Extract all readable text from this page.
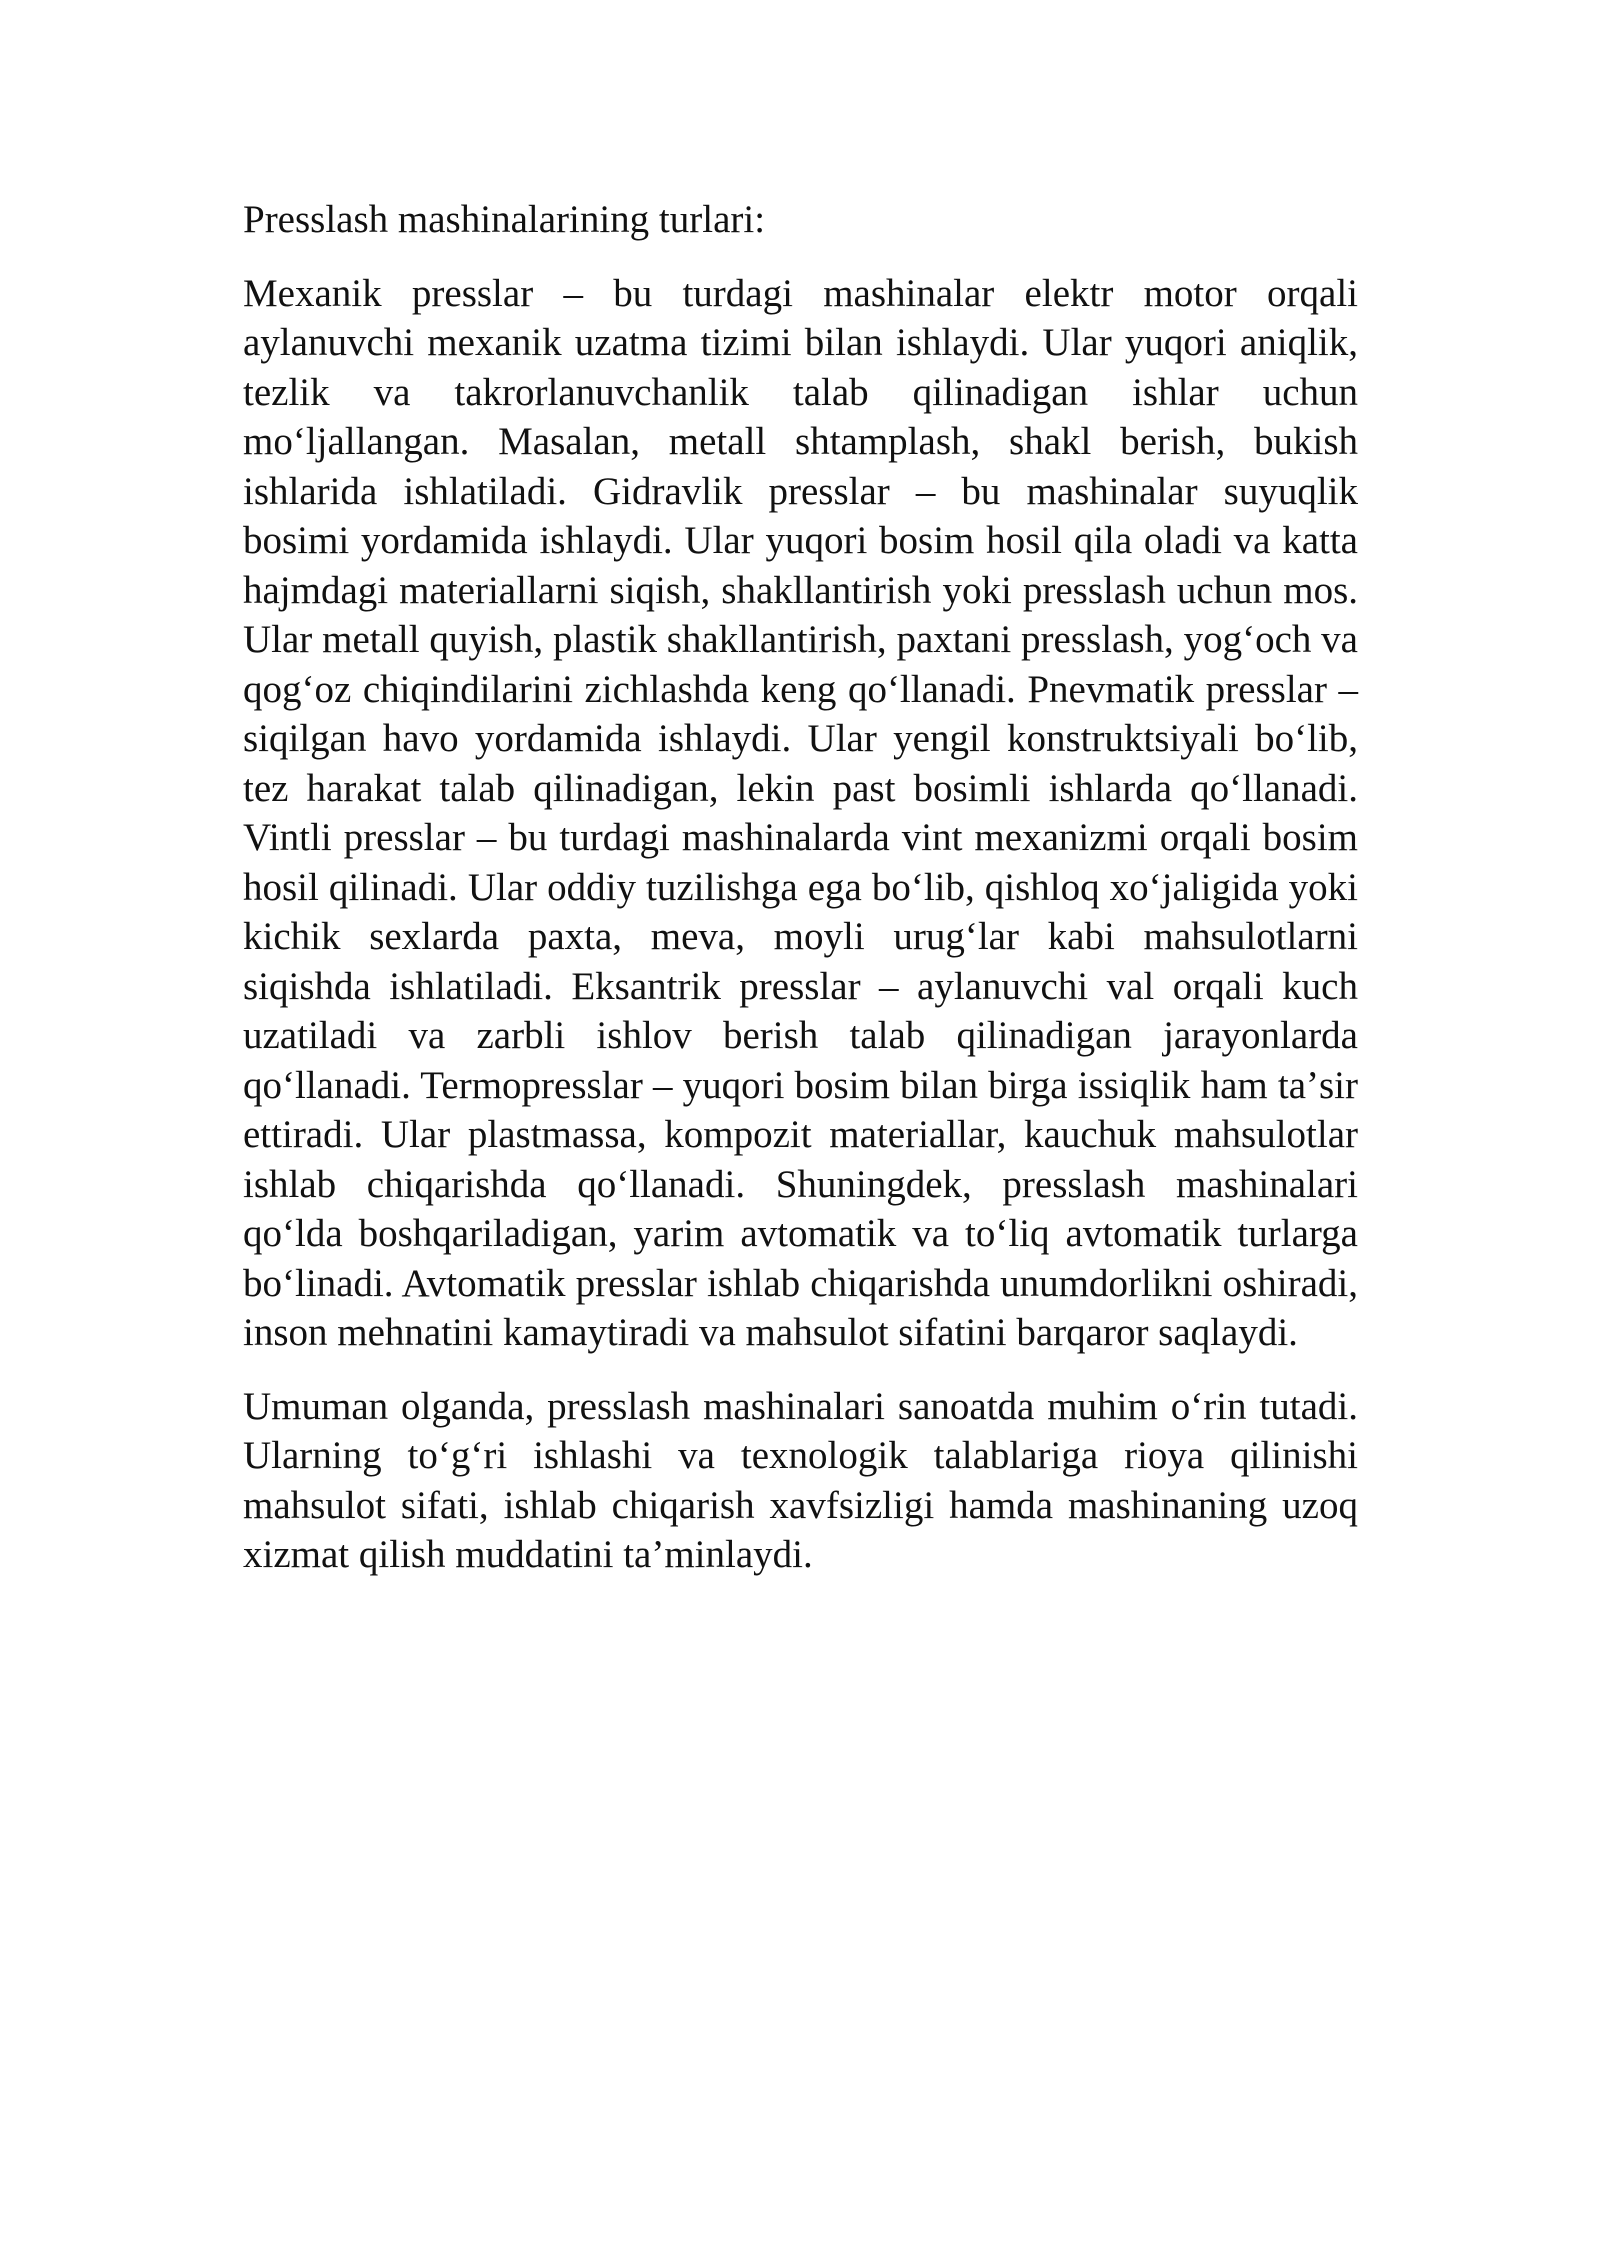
Presslash mashinalarining turlari:

Mexanik presslar – bu turdagi mashinalar elektr motor orqali aylanuvchi mexanik uzatma tizimi bilan ishlaydi. Ular yuqori aniqlik, tezlik va takrorlanuvchanlik talab qilinadigan ishlar uchun moʻljallangan. Masalan, metall shtamplash, shakl berish, bukish ishlarida ishlatiladi. Gidravlik presslar – bu mashinalar suyuqlik bosimi yordamida ishlaydi. Ular yuqori bosim hosil qila oladi va katta hajmdagi materiallarni siqish, shakllantirish yoki presslash uchun mos. Ular metall quyish, plastik shakllantirish, paxtani presslash, yogʻoch va qogʻoz chiqindilarini zichlashda keng qoʻllanadi. Pnevmatik presslar – siqilgan havo yordamida ishlaydi. Ular yengil konstruktsiyali boʻlib, tez harakat talab qilinadigan, lekin past bosimli ishlarda qoʻllanadi. Vintli presslar – bu turdagi mashinalarda vint mexanizmi orqali bosim hosil qilinadi. Ular oddiy tuzilishga ega boʻlib, qishloq xoʻjaligida yoki kichik sexlarda paxta, meva, moyli urugʻlar kabi mahsulotlarni siqishda ishlatiladi. Eksantrik presslar – aylanuvchi val orqali kuch uzatiladi va zarbli ishlov berish talab qilinadigan jarayonlarda qoʻllanadi. Termopresslar – yuqori bosim bilan birga issiqlik ham taʼsir ettiradi. Ular plastmassa, kompozit materiallar, kauchuk mahsulotlar ishlab chiqarishda qoʻllanadi. Shuningdek, presslash mashinalari qoʻlda boshqariladigan, yarim avtomatik va toʻliq avtomatik turlarga boʻlinadi. Avtomatik presslar ishlab chiqarishda unumdorlikni oshiradi, inson mehnatini kamaytiradi va mahsulot sifatini barqaror saqlaydi.

Umuman olganda, presslash mashinalari sanoatda muhim oʻrin tutadi. Ularning toʻgʻri ishlashi va texnologik talablariga rioya qilinishi mahsulot sifati, ishlab chiqarish xavfsizligi hamda mashinaning uzoq xizmat qilish muddatini taʼminlaydi.
